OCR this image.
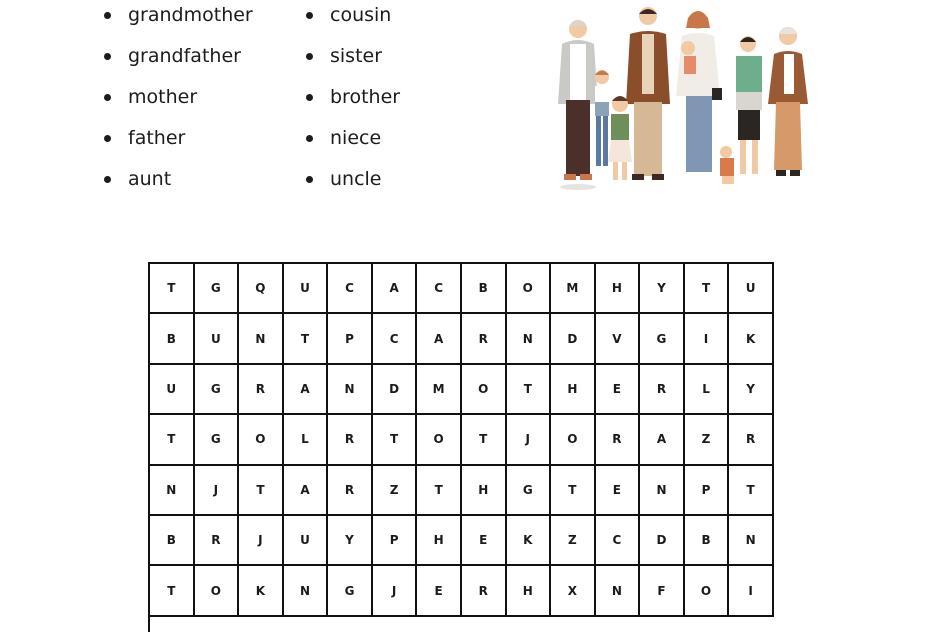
grandmother
grandfather
mother
father
aunt
cousin
sister
brother
niece
uncle
T	G	Q	U	C	A	C	B	O	M	H	Y	T	U
B	U	N	T	P	C	A	R	N	D	V	G	I	K
U	G	R	A	N	D	M	O	T	H	E	R	L	Y
T	G	O	L	R	T	O	T	J	O	R	A	Z	R
N	J	T	A	R	Z	T	H	G	T	E	N	P	T
B	R	J	U	Y	P	H	E	K	Z	C	D	B	N
T	O	K	N	G	J	E	R	H	X	N	F	O	I
